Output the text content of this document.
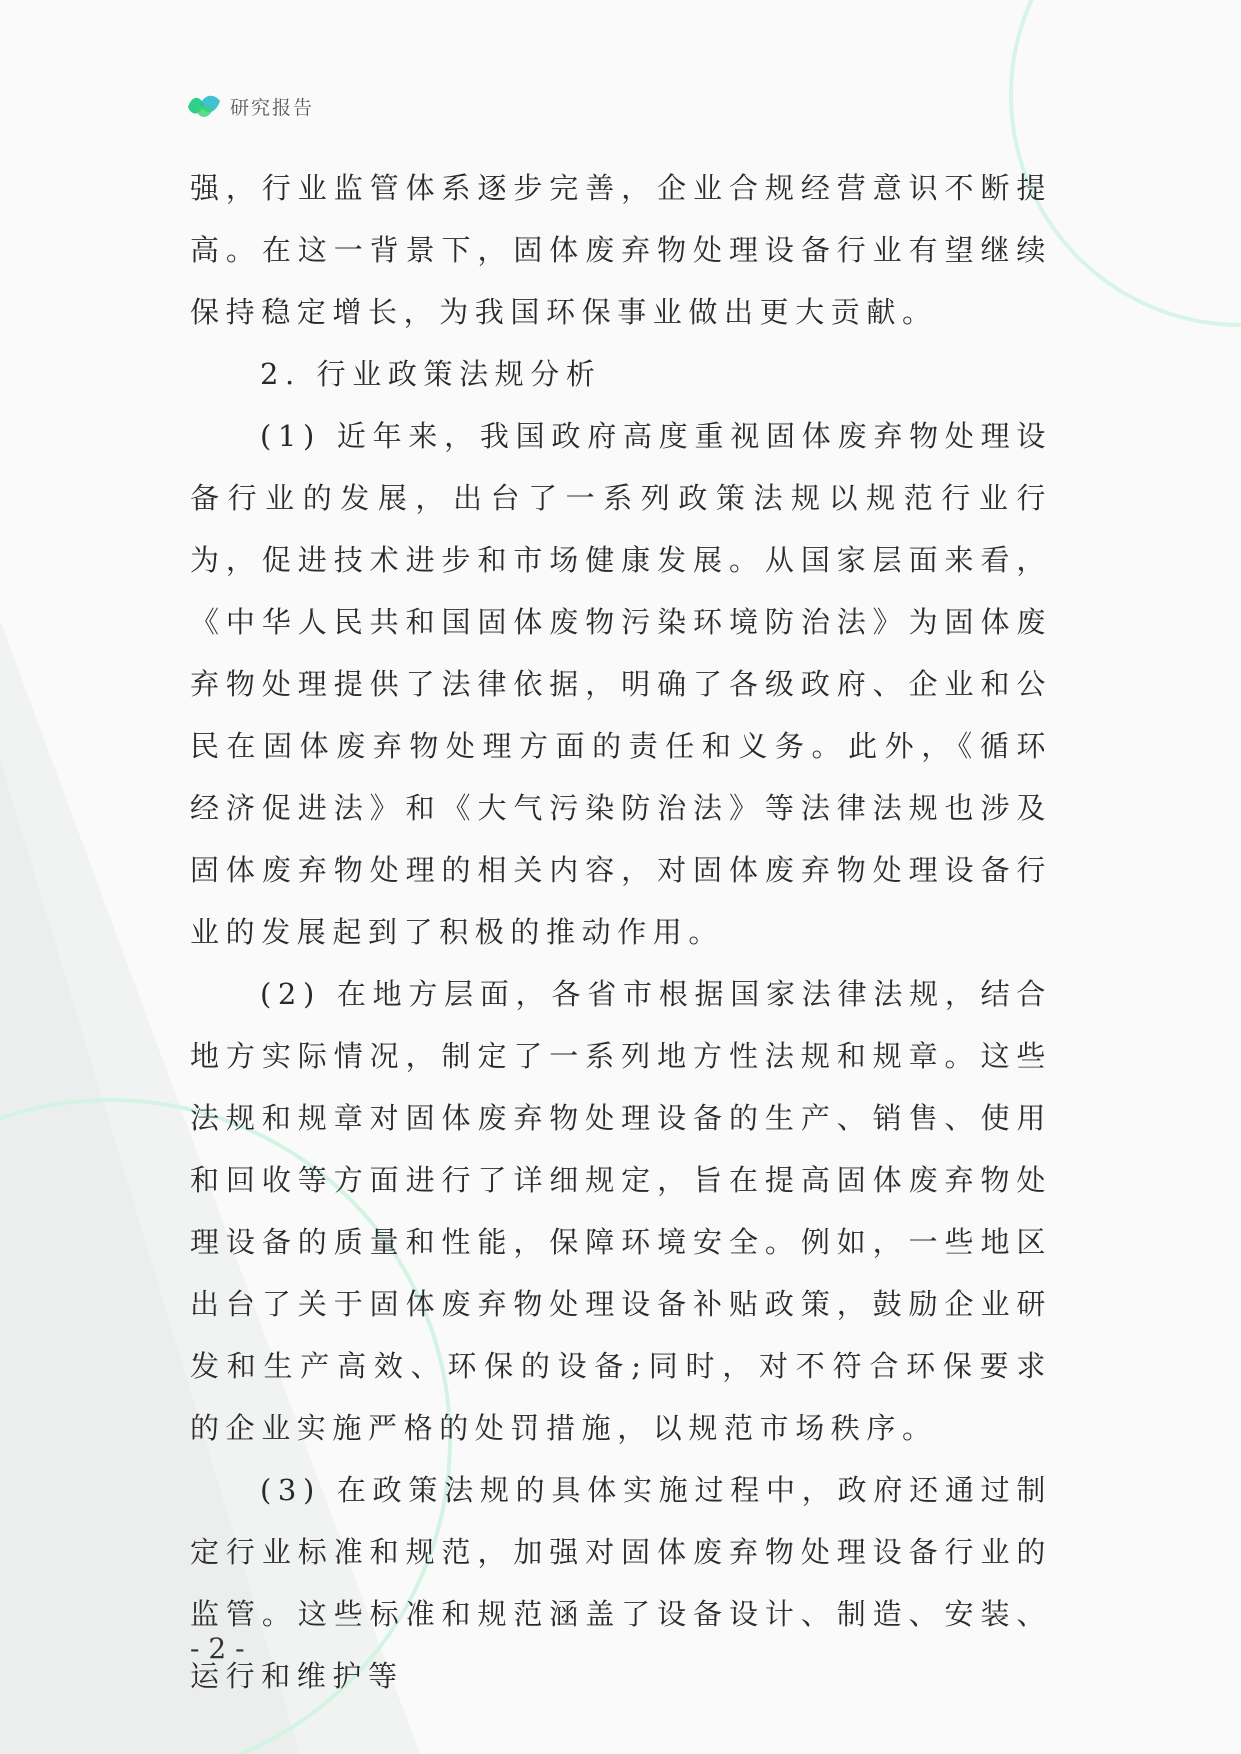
研究报告

强，行业监管体系逐步完善，企业合规经营意识不断提高。在这一背景下，固体废弃物处理设备行业有望继续保持稳定增长，为我国环保事业做出更大贡献。

2. 行业政策法规分析

(1) 近年来，我国政府高度重视固体废弃物处理设备行业的发展，出台了一系列政策法规以规范行业行为，促进技术进步和市场健康发展。从国家层面来看，《中华人民共和国固体废物污染环境防治法》为固体废弃物处理提供了法律依据，明确了各级政府、企业和公民在固体废弃物处理方面的责任和义务。此外，《循环经济促进法》和《大气污染防治法》等法律法规也涉及固体废弃物处理的相关内容，对固体废弃物处理设备行业的发展起到了积极的推动作用。

(2) 在地方层面，各省市根据国家法律法规，结合地方实际情况，制定了一系列地方性法规和规章。这些法规和规章对固体废弃物处理设备的生产、销售、使用和回收等方面进行了详细规定，旨在提高固体废弃物处理设备的质量和性能，保障环境安全。例如，一些地区出台了关于固体废弃物处理设备补贴政策，鼓励企业研发和生产高效、环保的设备;同时，对不符合环保要求的企业实施严格的处罚措施，以规范市场秩序。

(3) 在政策法规的具体实施过程中，政府还通过制定行业标准和规范，加强对固体废弃物处理设备行业的监管。这些标准和规范涵盖了设备设计、制造、安装、运行和维护等

- 2 -
